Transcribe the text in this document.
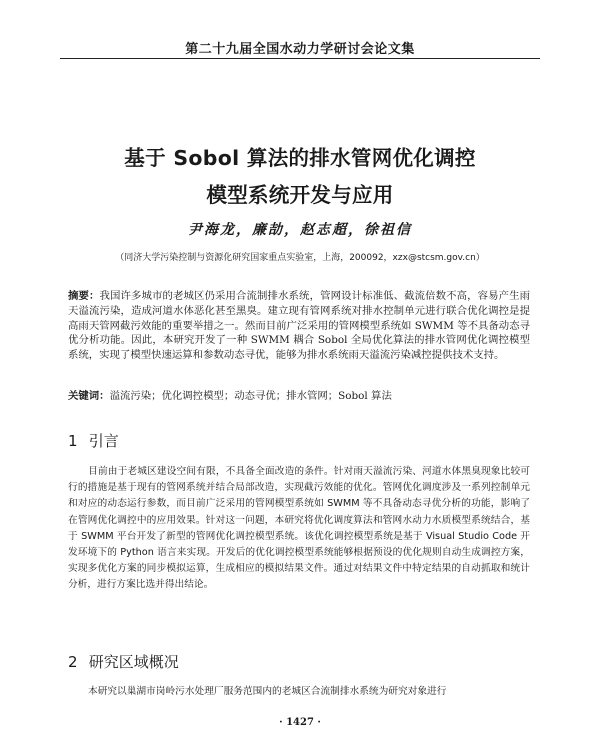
第二十九届全国水动力学研讨会论文集
基于 Sobol 算法的排水管网优化调控
模型系统开发与应用
尹海龙，廉劼，赵志超，徐祖信
（同济大学污染控制与资源化研究国家重点实验室，上海，200092，xzx@stcsm.gov.cn）
摘要：我国许多城市的老城区仍采用合流制排水系统，管网设计标准低、截流倍数不高，容易产生雨天溢流污染，造成河道水体恶化甚至黑臭。建立现有管网系统对排水控制单元进行联合优化调控是提高雨天管网截污效能的重要举措之一。然而目前广泛采用的管网模型系统如 SWMM 等不具备动态寻优分析功能。因此，本研究开发了一种 SWMM 耦合 Sobol 全局优化算法的排水管网优化调控模型系统，实现了模型快速运算和参数动态寻优，能够为排水系统雨天溢流污染减控提供技术支持。
关键词：溢流污染；优化调控模型；动态寻优；排水管网；Sobol 算法
1 引言
目前由于老城区建设空间有限，不具备全面改造的条件。针对雨天溢流污染、河道水体黑臭现象比较可行的措施是基于现有的管网系统并结合局部改造，实现截污效能的优化。管网优化调度涉及一系列控制单元和对应的动态运行参数，而目前广泛采用的管网模型系统如 SWMM 等不具备动态寻优分析的功能，影响了在管网优化调控中的应用效果。针对这一问题，本研究将优化调度算法和管网水动力水质模型系统结合，基于 SWMM 平台开发了新型的管网优化调控模型系统。该优化调控模型系统是基于 Visual Studio Code 开发环境下的 Python 语言来实现。开发后的优化调控模型系统能够根据预设的优化规则自动生成调控方案，实现多优化方案的同步模拟运算，生成相应的模拟结果文件。通过对结果文件中特定结果的自动抓取和统计分析，进行方案比选并得出结论。
2 研究区域概况
本研究以巢湖市岗岭污水处理厂服务范围内的老城区合流制排水系统为研究对象进行
· 1427 ·
